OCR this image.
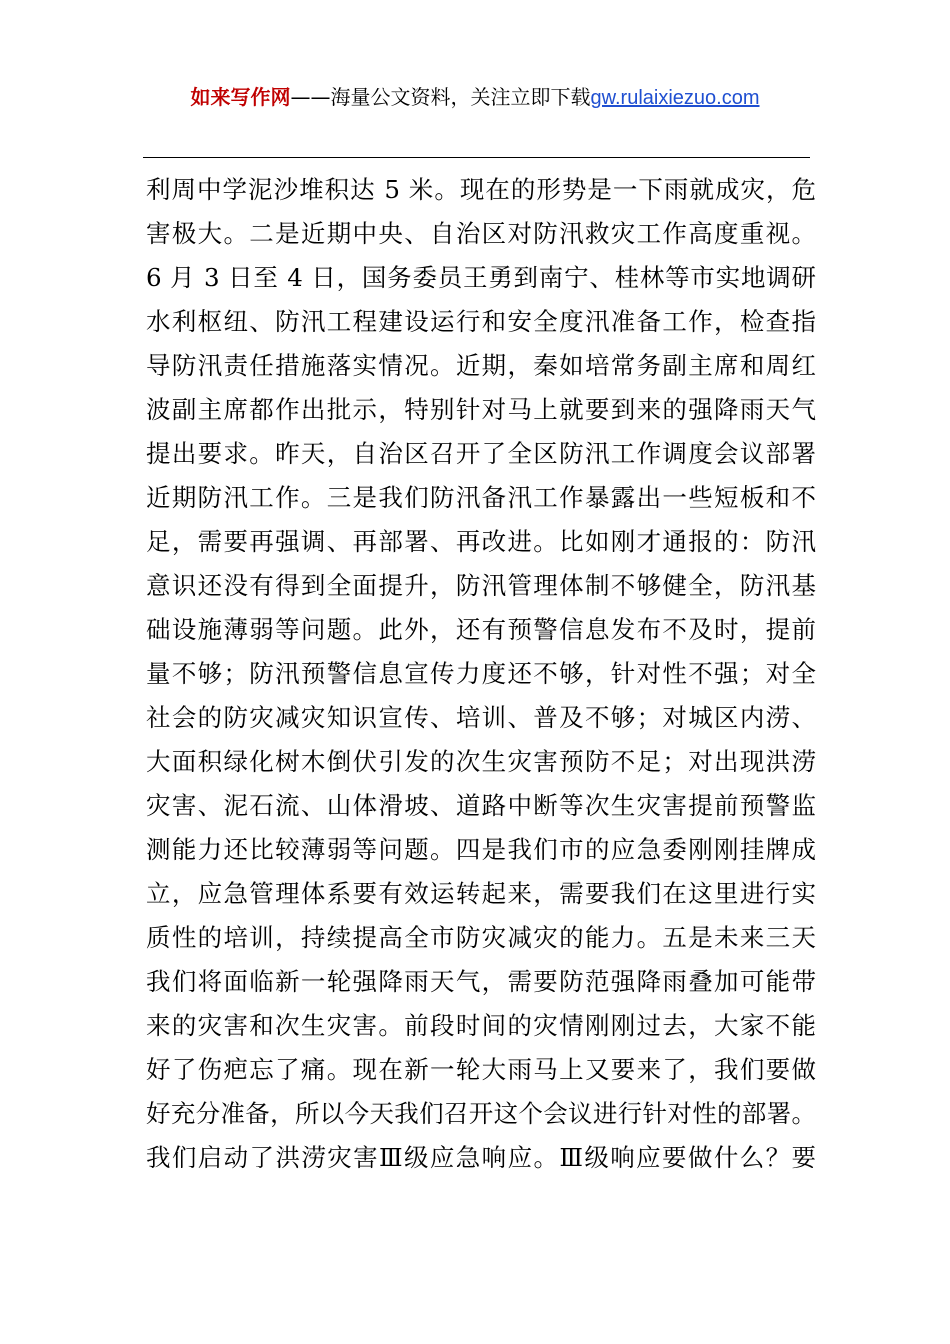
如来写作网——海量公文资料，关注立即下载gw.rulaixiezuo.com
利周中学泥沙堆积达 5 米。现在的形势是一下雨就成灾，危
害极大。二是近期中央、自治区对防汛救灾工作高度重视。
6 月 3 日至 4 日，国务委员王勇到南宁、桂林等市实地调研
水利枢纽、防汛工程建设运行和安全度汛准备工作，检查指
导防汛责任措施落实情况。近期，秦如培常务副主席和周红
波副主席都作出批示，特别针对马上就要到来的强降雨天气
提出要求。昨天，自治区召开了全区防汛工作调度会议部署
近期防汛工作。三是我们防汛备汛工作暴露出一些短板和不
足，需要再强调、再部署、再改进。比如刚才通报的：防汛
意识还没有得到全面提升，防汛管理体制不够健全，防汛基
础设施薄弱等问题。此外，还有预警信息发布不及时，提前
量不够；防汛预警信息宣传力度还不够，针对性不强；对全
社会的防灾减灾知识宣传、培训、普及不够；对城区内涝、
大面积绿化树木倒伏引发的次生灾害预防不足；对出现洪涝
灾害、泥石流、山体滑坡、道路中断等次生灾害提前预警监
测能力还比较薄弱等问题。四是我们市的应急委刚刚挂牌成
立，应急管理体系要有效运转起来，需要我们在这里进行实
质性的培训，持续提高全市防灾减灾的能力。五是未来三天
我们将面临新一轮强降雨天气，需要防范强降雨叠加可能带
来的灾害和次生灾害。前段时间的灾情刚刚过去，大家不能
好了伤疤忘了痛。现在新一轮大雨马上又要来了，我们要做
好充分准备，所以今天我们召开这个会议进行针对性的部署。
我们启动了洪涝灾害Ⅲ级应急响应。Ⅲ级响应要做什么？要
